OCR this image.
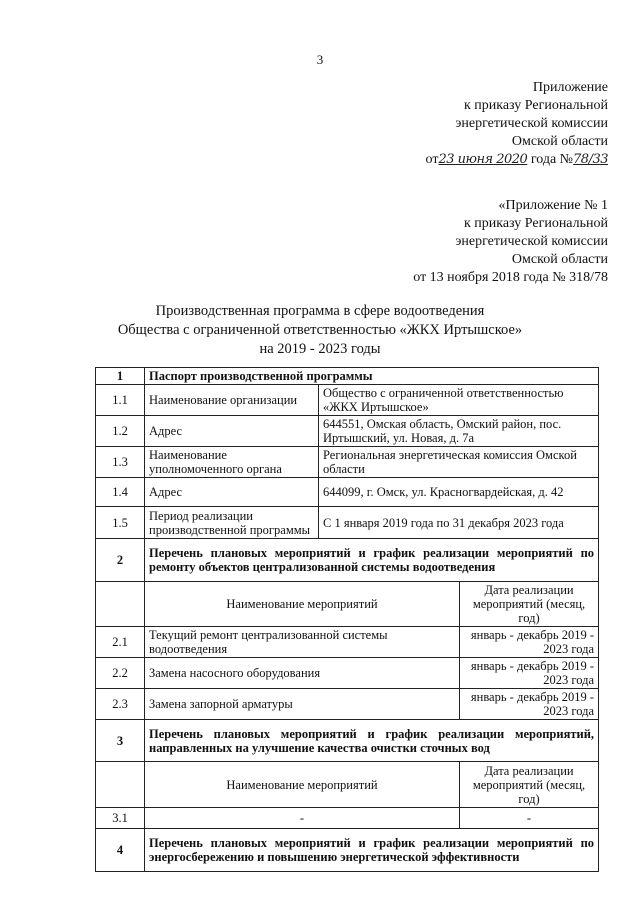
3
Приложение
к приказу Региональной
энергетической комиссии
Омской области
от23 июня 2020 года №78/33
«Приложение № 1
к приказу Региональной
энергетической комиссии
Омской области
от 13 ноября 2018 года № 318/78
Производственная программа в сфере водоотведения
Общества с ограниченной ответственностью «ЖКХ Иртышское»
на 2019 - 2023 годы
1	Паспорт производственной программы		
1.1	Наименование организации	Общество с ограниченной ответственностью «ЖКХ Иртышское»	
1.2	Адрес	644551, Омская область, Омский район, пос. Иртышский, ул. Новая, д. 7а	
1.3	Наименование уполномоченного органа	Региональная энергетическая комиссия Омской области	
1.4	Адрес	644099, г. Омск, ул. Красногвардейская, д. 42	
1.5	Период реализации производственной программы	С 1 января 2019 года по 31 декабря 2023 года	
2	Перечень плановых мероприятий и график реализации мероприятий по ремонту объектов централизованной системы водоотведения		
	Наименование мероприятий		Дата реализации мероприятий (месяц, год)
2.1	Текущий ремонт централизованной системы водоотведения		январь - декабрь 2019 - 2023 года
2.2	Замена насосного оборудования		январь - декабрь 2019 - 2023 года
2.3	Замена запорной арматуры		январь - декабрь 2019 - 2023 года
3	Перечень плановых мероприятий и график реализации мероприятий, направленных на улучшение качества очистки сточных вод		
	Наименование мероприятий		Дата реализации мероприятий (месяц, год)
3.1	-		-
4	Перечень плановых мероприятий и график реализации мероприятий по энергосбережению и повышению энергетической эффективности		
